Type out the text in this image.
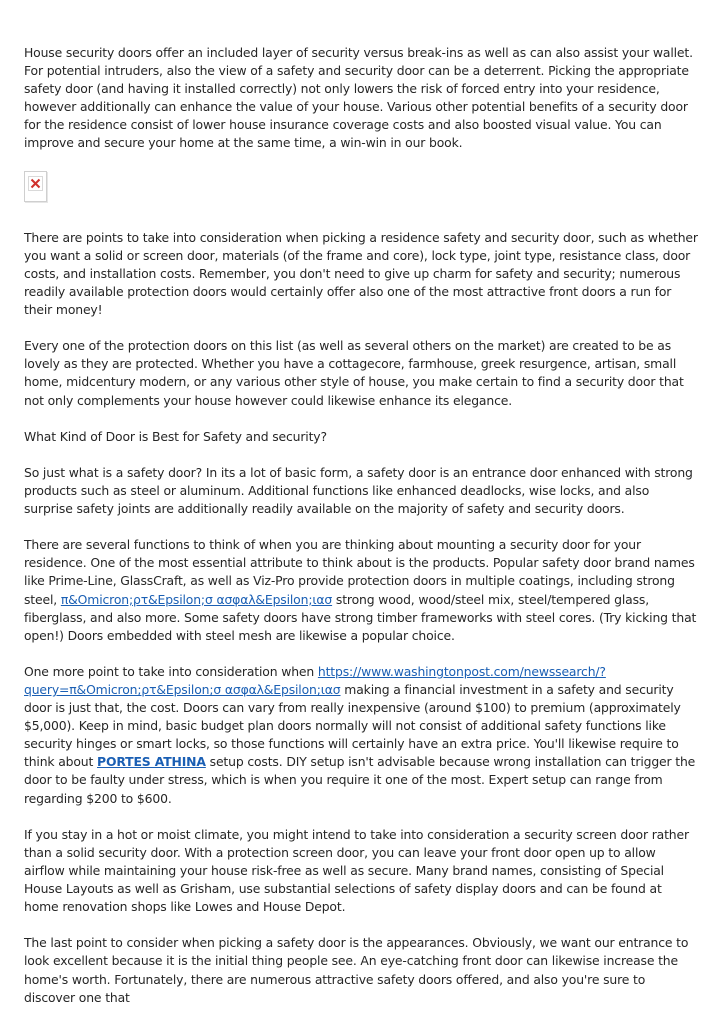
House security doors offer an included layer of security versus break-ins as well as can also assist your wallet. For potential intruders, also the view of a safety and security door can be a deterrent. Picking the appropriate safety door (and having it installed correctly) not only lowers the risk of forced entry into your residence, however additionally can enhance the value of your house. Various other potential benefits of a security door for the residence consist of lower house insurance coverage costs and also boosted visual value. You can improve and secure your home at the same time, a win-win in our book.

There are points to take into consideration when picking a residence safety and security door, such as whether you want a solid or screen door, materials (of the frame and core), lock type, joint type, resistance class, door costs, and installation costs. Remember, you don't need to give up charm for safety and security; numerous readily available protection doors would certainly offer also one of the most attractive front doors a run for their money!

Every one of the protection doors on this list (as well as several others on the market) are created to be as lovely as they are protected. Whether you have a cottagecore, farmhouse, greek resurgence, artisan, small home, midcentury modern, or any various other style of house, you make certain to find a security door that not only complements your house however could likewise enhance its elegance.

What Kind of Door is Best for Safety and security?

So just what is a safety door? In its a lot of basic form, a safety door is an entrance door enhanced with strong products such as steel or aluminum. Additional functions like enhanced deadlocks, wise locks, and also surprise safety joints are additionally readily available on the majority of safety and security doors.

There are several functions to think of when you are thinking about mounting a security door for your residence. One of the most essential attribute to think about is the products. Popular safety door brand names like Prime-Line, GlassCraft, as well as Viz-Pro provide protection doors in multiple coatings, including strong steel, π&Omicron;ρτ&Epsilon;σ ασφαλ&Epsilon;ιασ strong wood, wood/steel mix, steel/tempered glass, fiberglass, and also more. Some safety doors have strong timber frameworks with steel cores. (Try kicking that open!) Doors embedded with steel mesh are likewise a popular choice.

One more point to take into consideration when https://www.washingtonpost.com/newssearch/?query=π&Omicron;ρτ&Epsilon;σ ασφαλ&Epsilon;ιασ making a financial investment in a safety and security door is just that, the cost. Doors can vary from really inexpensive (around $100) to premium (approximately $5,000). Keep in mind, basic budget plan doors normally will not consist of additional safety functions like security hinges or smart locks, so those functions will certainly have an extra price. You'll likewise require to think about PORTES ATHINA setup costs. DIY setup isn't advisable because wrong installation can trigger the door to be faulty under stress, which is when you require it one of the most. Expert setup can range from regarding $200 to $600.

If you stay in a hot or moist climate, you might intend to take into consideration a security screen door rather than a solid security door. With a protection screen door, you can leave your front door open up to allow airflow while maintaining your house risk-free as well as secure. Many brand names, consisting of Special House Layouts as well as Grisham, use substantial selections of safety display doors and can be found at home renovation shops like Lowes and House Depot.

The last point to consider when picking a safety door is the appearances. Obviously, we want our entrance to look excellent because it is the initial thing people see. An eye-catching front door can likewise increase the home's worth. Fortunately, there are numerous attractive safety doors offered, and also you're sure to discover one that
